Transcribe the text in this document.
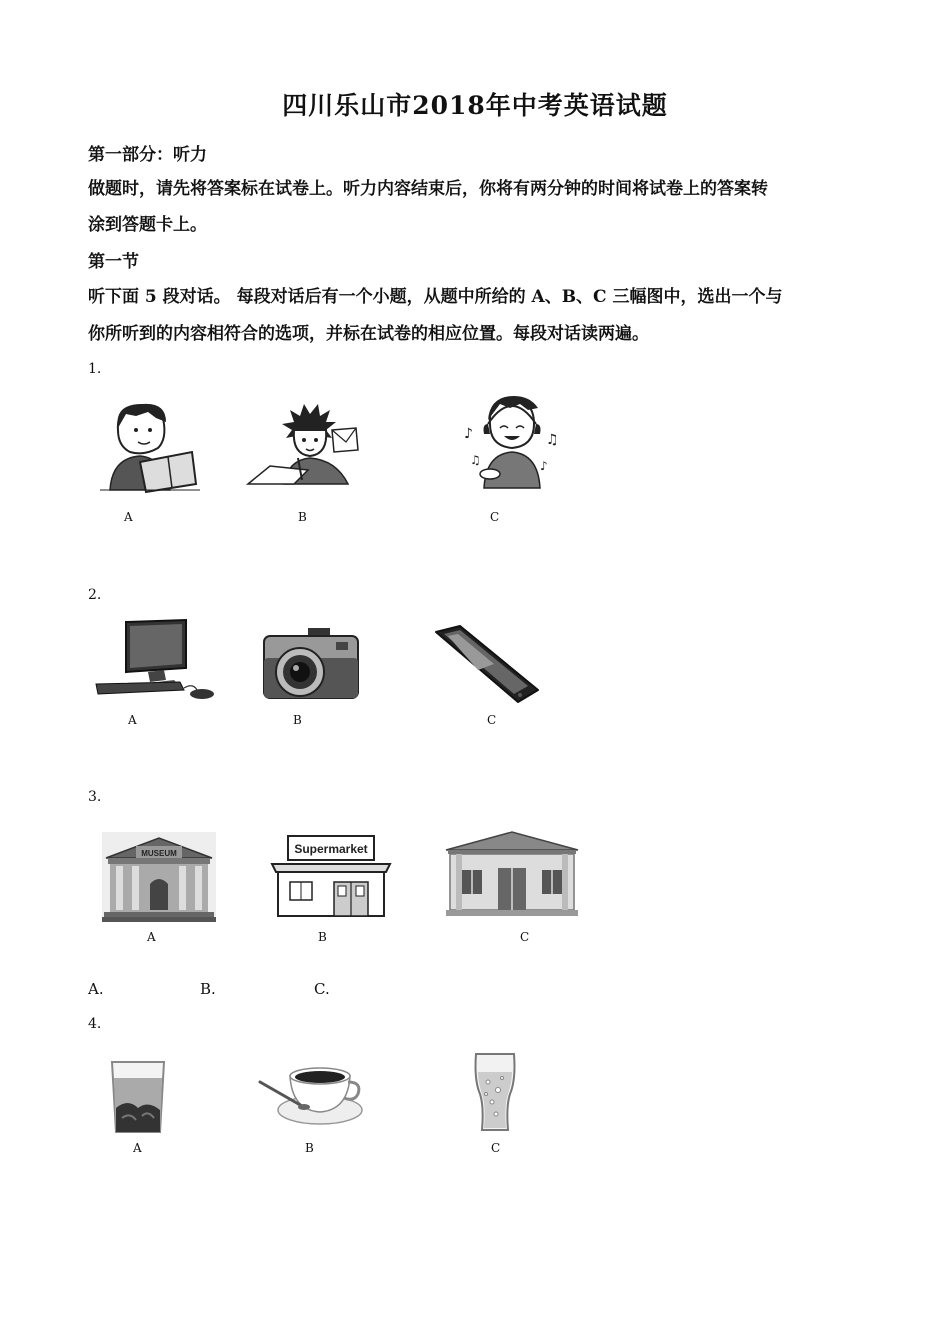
四川乐山市2018年中考英语试题
第一部分：听力
做题时，请先将答案标在试卷上。听力内容结束后，你将有两分钟的时间将试卷上的答案转
涂到答题卡上。
第一节
听下面 5 段对话。 每段对话后有一个小题，从题中所给的 A、B、C 三幅图中，选出一个与
你所听到的内容相符合的选项，并标在试卷的相应位置。每段对话读两遍。
1.
A	B
♪	♫
♪
♫
C
2.
A	B	C
3.
MUSEUM
A
Supermarket
B	C
A.	B.	C.
4.
A	B	C
